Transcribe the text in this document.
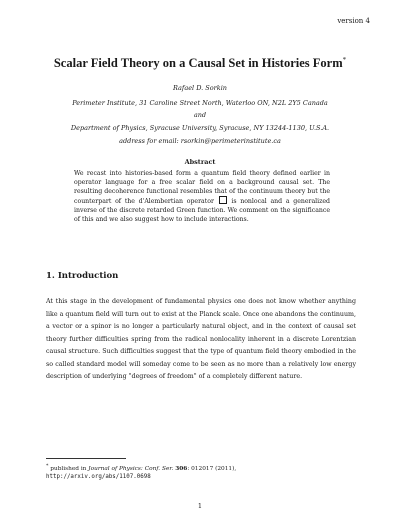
version 4
Scalar Field Theory on a Causal Set in Histories Form*
Rafael D. Sorkin
Perimeter Institute, 31 Caroline Street North, Waterloo ON, N2L 2Y5 Canada
and
Department of Physics, Syracuse University, Syracuse, NY 13244-1130, U.S.A.
address for email: rsorkin@perimeterinstitute.ca
Abstract
We recast into histories-based form a quantum field theory defined earlier in operator language for a free scalar field on a background causal set. The resulting decoherence functional resembles that of the continuum theory but the counterpart of the d'Alembertian operator	is nonlocal and a generalized inverse of the discrete retarded Green function. We comment on the significance of this and we also suggest how to include interactions.
1. Introduction
At this stage in the development of fundamental physics one does not know whether anything like a quantum field will turn out to exist at the Planck scale. Once one abandons the continuum, a vector or a spinor is no longer a particularly natural object, and in the context of causal set theory further difficulties spring from the radical nonlocality inherent in a discrete Lorentzian causal structure. Such difficulties suggest that the type of quantum field theory embodied in the so called standard model will someday come to be seen as no more than a relatively low energy description of underlying "degrees of freedom" of a completely different nature.
* published in Journal of Physics: Conf. Ser. 306: 012017 (2011),
http://arxiv.org/abs/1107.0698
1
